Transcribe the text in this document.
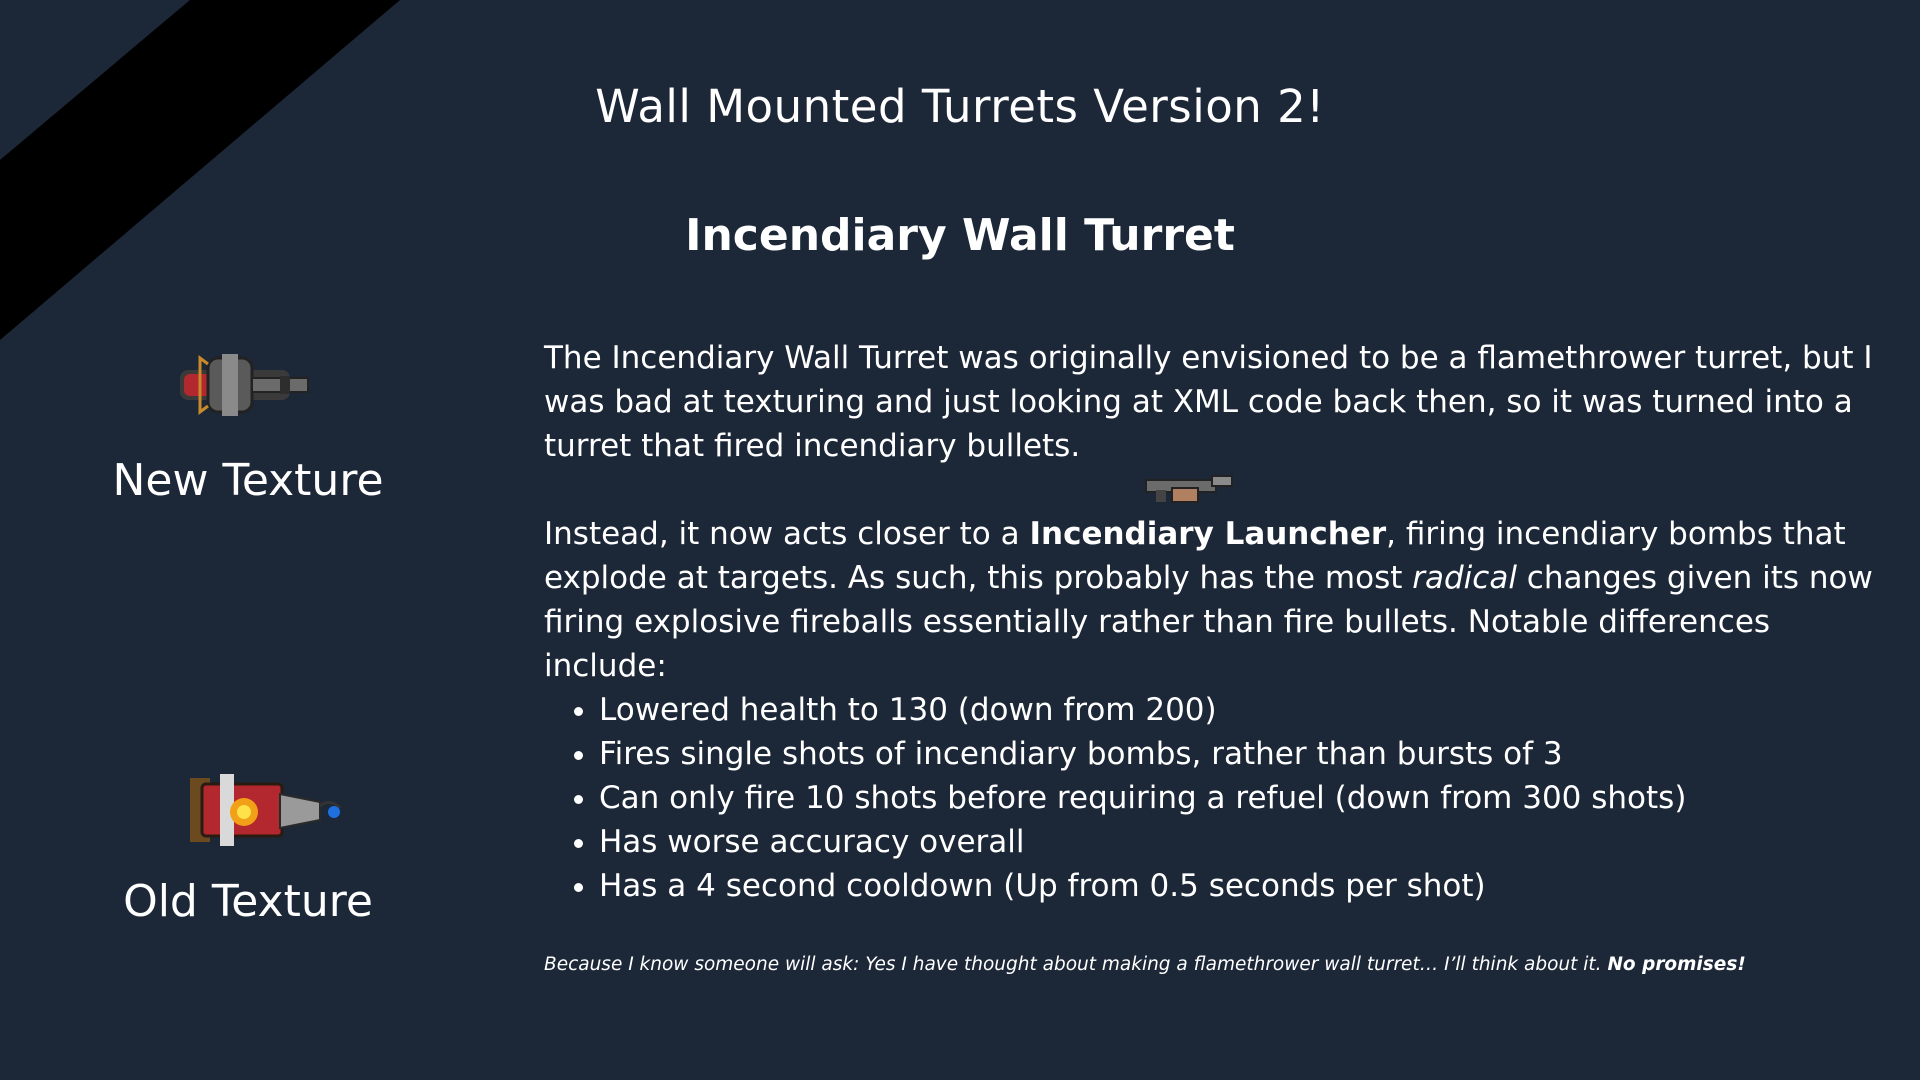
Wall Mounted Turrets Version 2!
Incendiary Wall Turret
New Texture
Old Texture

The Incendiary Wall Turret was originally envisioned to be a flamethrower turret, but I was bad at texturing and just looking at XML code back then, so it was turned into a turret that fired incendiary bullets.

Instead, it now acts closer to a Incendiary Launcher, firing incendiary bombs that explode at targets. As such, this probably has the most radical changes given its now firing explosive fireballs essentially rather than fire bullets. Notable differences include:

• Lowered health to 130 (down from 200)
• Fires single shots of incendiary bombs, rather than bursts of 3
• Can only fire 10 shots before requiring a refuel (down from 300 shots)
• Has worse accuracy overall
• Has a 4 second cooldown (Up from 0.5 seconds per shot)
Because I know someone will ask: Yes I have thought about making a flamethrower wall turret… I’ll think about it. No promises!
